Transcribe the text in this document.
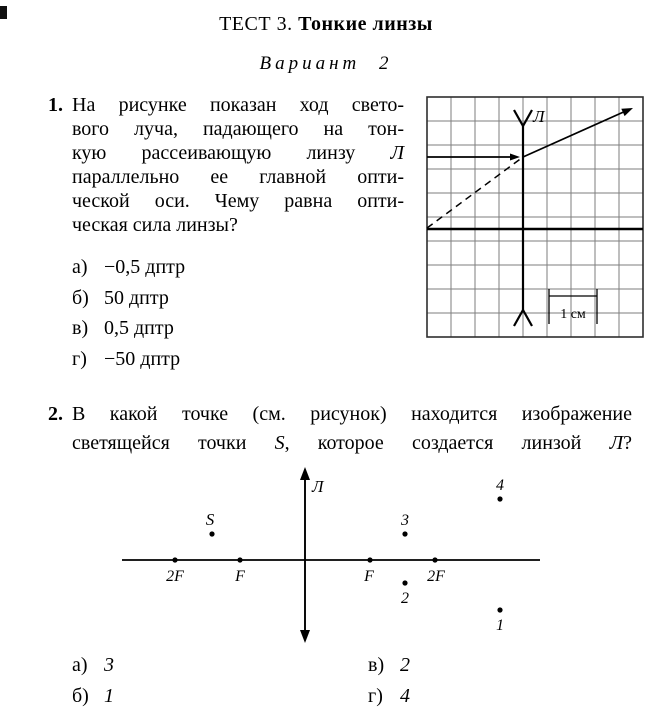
ТЕСТ 3. Тонкие линзы
Вариант 2
1. На рисунке показан ход свето-
вого луча, падающего на тон-
кую рассеивающую линзу Л
параллельно ее главной опти-
ческой оси. Чему равна опти-
ческая сила линзы?
а) −0,5 дптр
б) 50 дптр
в) 0,5 дптр
г) −50 дптр
Л
1 см
2. В какой точке (см. рисунок) находится изображение
светящейся точки S, которое создается линзой Л?
Л
2F	F	F	2F
S	3
2
4
1
а) 3
б) 1
в) 2
г) 4
